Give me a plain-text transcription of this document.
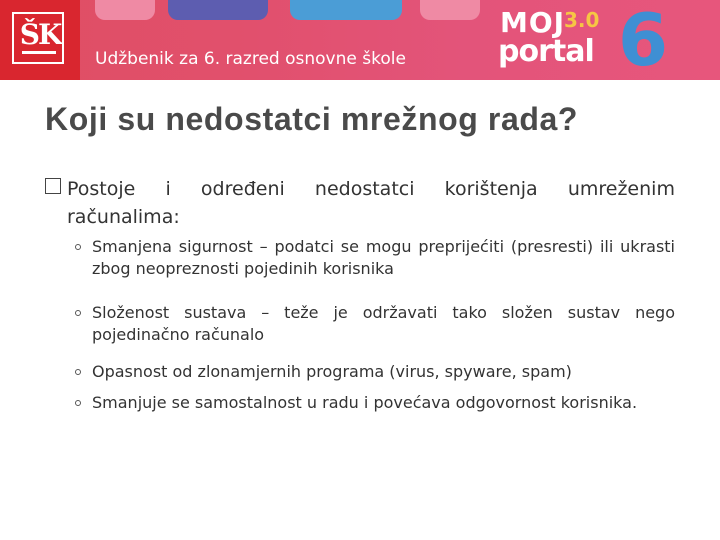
ŠK
Udžbenik za 6. razred osnovne škole
MOJ
3.0
portal 6
Koji su nedostatci mrežnog rada?
Postoje i određeni nedostatci korištenja umreženim
računalima:
Smanjena sigurnost – podatci se mogu preprijećiti (presresti) ili ukrasti zbog neopreznosti pojedinih korisnika
Složenost sustava – teže je održavati tako složen sustav nego pojedinačno računalo
Opasnost od zlonamjernih programa (virus, spyware, spam)
Smanjuje se samostalnost u radu i povećava odgovornost korisnika.
